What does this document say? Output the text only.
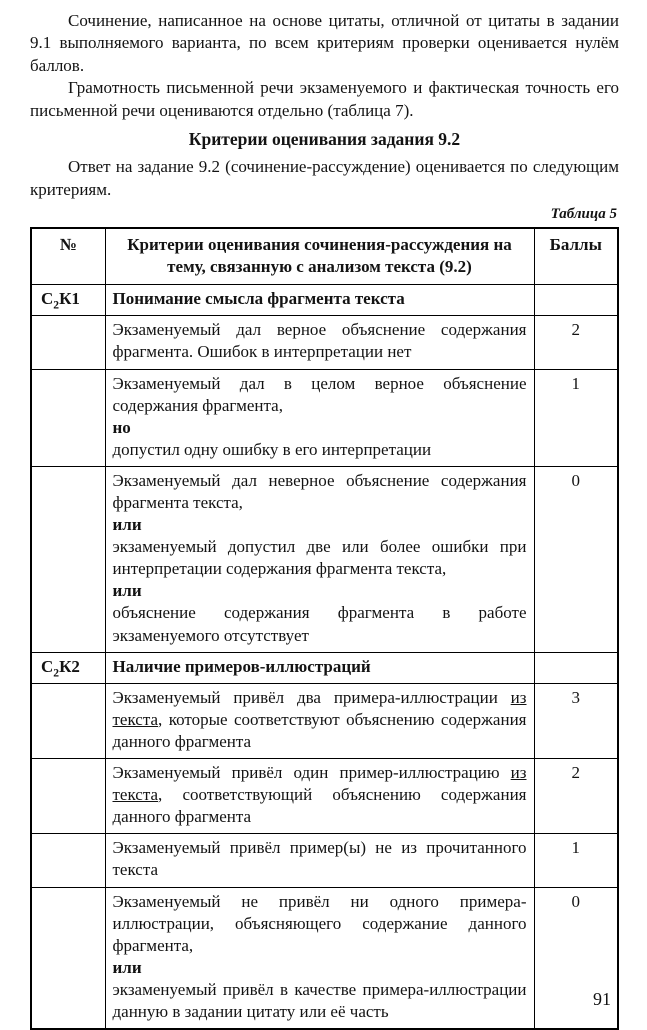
Сочинение, написанное на основе цитаты, отличной от цитаты в задании 9.1 выполняемого варианта, по всем критериям проверки оценивается нулём баллов.

Грамотность письменной речи экзаменуемого и фактическая точность его письменной речи оцениваются отдельно (таблица 7).

Критерии оценивания задания 9.2

Ответ на задание 9.2 (сочинение-рассуждение) оценивается по следующим критериям.

Таблица 5
№	Критерии оценивания сочинения-рассуждения на тему, связанную с анализом текста (9.2)	Баллы
$С_2К1$	Понимание смысла фрагмента текста	

	Экзаменуемый дал верное объяснение содержания фрагмента. Ошибок в интерпретации нет	2

	Экзаменуемый дал в целом верное объяснение содержания фрагмента,
но
допустил одну ошибку в его интерпретации	1

	Экзаменуемый дал неверное объяснение содержания фрагмента текста,
или
экзаменуемый допустил две или более ошибки при интерпретации содержания фрагмента текста,
или
объяснение содержания фрагмента в работе экзаменуемого отсутствует	0
$С_2К2$	Наличие примеров-иллюстраций	

	Экзаменуемый привёл два примера-иллюстрации из текста, которые соответствуют объяснению содержания данного фрагмента	3

	Экзаменуемый привёл один пример-иллюстрацию из текста, соответствующий объяснению содержания данного фрагмента	2

	Экзаменуемый привёл пример(ы) не из прочитанного текста	1

	Экзаменуемый не привёл ни одного примера-иллюстрации, объясняющего содержание данного фрагмента,
или
экзаменуемый привёл в качестве примера-иллюстрации данную в задании цитату или её часть	0
91
